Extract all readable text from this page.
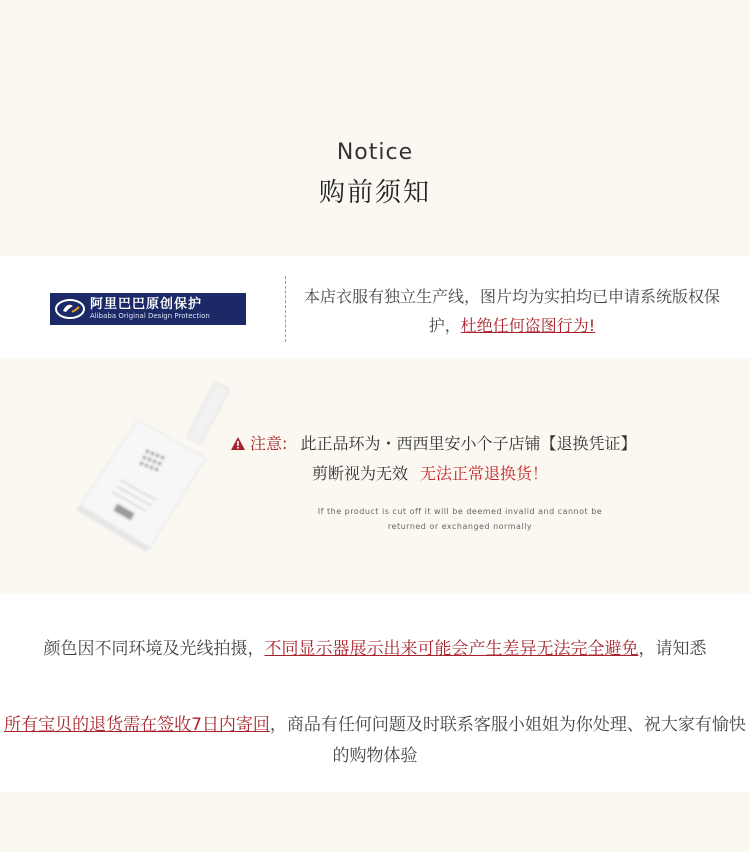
Notice
购前须知
阿里巴巴原创保护
Alibaba Original Design Protection
本店衣服有独立生产线，图片均为实拍均已申请系统版权保护，杜绝任何盗图行为!
注意: 此正品环为・西西里安小个子店铺【退换凭证】
剪断视为无效 无法正常退换货！
If the product is cut off it will be deemed invalid and cannot be returned or exchanged normally
颜色因不同环境及光线拍摄，不同显示器展示出来可能会产生差异无法完全避免，请知悉
所有宝贝的退货需在签收7日内寄回，商品有任何问题及时联系客服小姐姐为你处理、祝大家有愉快的购物体验
